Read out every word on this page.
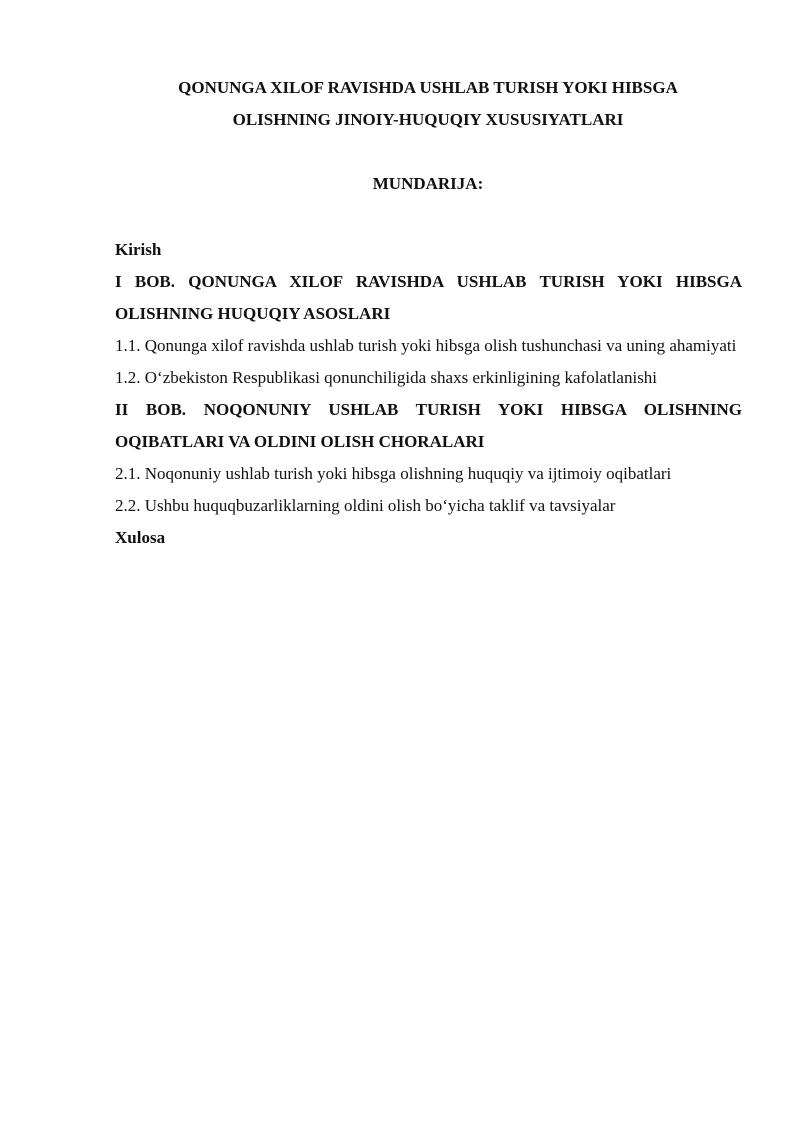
QONUNGA XILOF RAVISHDA USHLAB TURISH YOKI HIBSGA
OLISHNING JINOIY-HUQUQIY XUSUSIYATLARI
MUNDARIJA:
Kirish
I BOB. QONUNGA XILOF RAVISHDA USHLAB TURISH YOKI HIBSGA OLISHNING HUQUQIY ASOSLARI
1.1. Qonunga xilof ravishda ushlab turish yoki hibsga olish tushunchasi va uning ahamiyati
1.2. O‘zbekiston Respublikasi qonunchiligida shaxs erkinligining kafolatlanishi
II BOB. NOQONUNIY USHLAB TURISH YOKI HIBSGA OLISHNING OQIBATLARI VA OLDINI OLISH CHORALARI
2.1. Noqonuniy ushlab turish yoki hibsga olishning huquqiy va ijtimoiy oqibatlari
2.2. Ushbu huquqbuzarliklarning oldini olish bo‘yicha taklif va tavsiyalar
Xulosa
